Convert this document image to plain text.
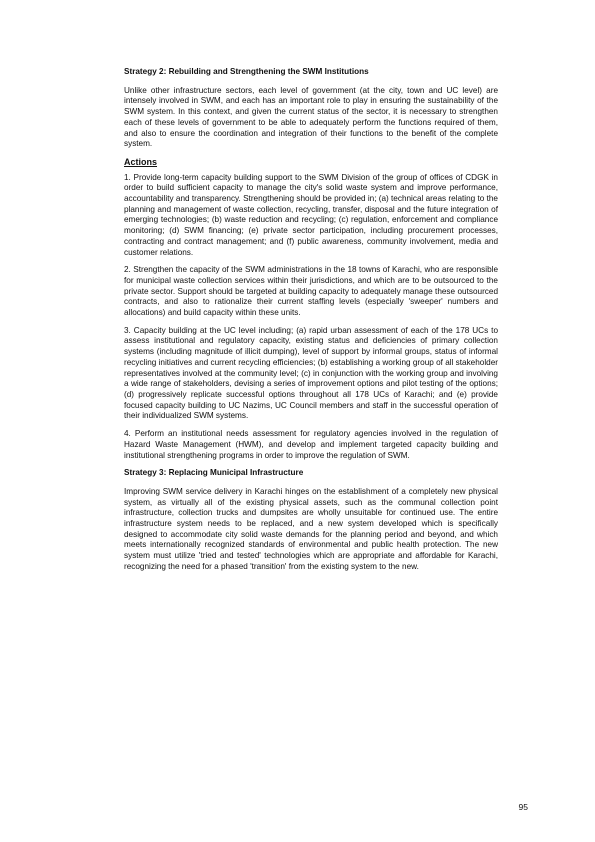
Strategy 2: Rebuilding and Strengthening the SWM Institutions

Unlike other infrastructure sectors, each level of government (at the city, town and UC level) are intensely involved in SWM, and each has an important role to play in ensuring the sustainability of the SWM system. In this context, and given the current status of the sector, it is necessary to strengthen each of these levels of government to be able to adequately perform the functions required of them, and also to ensure the coordination and integration of their functions to the benefit of the complete system.

Actions

1. Provide long-term capacity building support to the SWM Division of the group of offices of CDGK in order to build sufficient capacity to manage the city's solid waste system and improve performance, accountability and transparency. Strengthening should be provided in; (a) technical areas relating to the planning and management of waste collection, recycling, transfer, disposal and the future integration of emerging technologies; (b) waste reduction and recycling; (c) regulation, enforcement and compliance monitoring; (d) SWM financing; (e) private sector participation, including procurement processes, contracting and contract management; and (f) public awareness, community involvement, media and customer relations.

2. Strengthen the capacity of the SWM administrations in the 18 towns of Karachi, who are responsible for municipal waste collection services within their jurisdictions, and which are to be outsourced to the private sector. Support should be targeted at building capacity to adequately manage these outsourced contracts, and also to rationalize their current staffing levels (especially 'sweeper' numbers and allocations) and build capacity within these units.

3. Capacity building at the UC level including; (a) rapid urban assessment of each of the 178 UCs to assess institutional and regulatory capacity, existing status and deficiencies of primary collection systems (including magnitude of illicit dumping), level of support by informal groups, status of informal recycling initiatives and current recycling efficiencies; (b) establishing a working group of all stakeholder representatives involved at the community level; (c) in conjunction with the working group and involving a wide range of stakeholders, devising a series of improvement options and pilot testing of the options; (d) progressively replicate successful options throughout all 178 UCs of Karachi; and (e) provide focused capacity building to UC Nazims, UC Council members and staff in the successful operation of their individualized SWM systems.

4. Perform an institutional needs assessment for regulatory agencies involved in the regulation of Hazard Waste Management (HWM), and develop and implement targeted capacity building and institutional strengthening programs in order to improve the regulation of SWM.

Strategy 3: Replacing Municipal Infrastructure

Improving SWM service delivery in Karachi hinges on the establishment of a completely new physical system, as virtually all of the existing physical assets, such as the communal collection point infrastructure, collection trucks and dumpsites are wholly unsuitable for continued use. The entire infrastructure system needs to be replaced, and a new system developed which is specifically designed to accommodate city solid waste demands for the planning period and beyond, and which meets internationally recognized standards of environmental and public health protection. The new system must utilize 'tried and tested' technologies which are appropriate and affordable for Karachi, recognizing the need for a phased 'transition' from the existing system to the new.

95
